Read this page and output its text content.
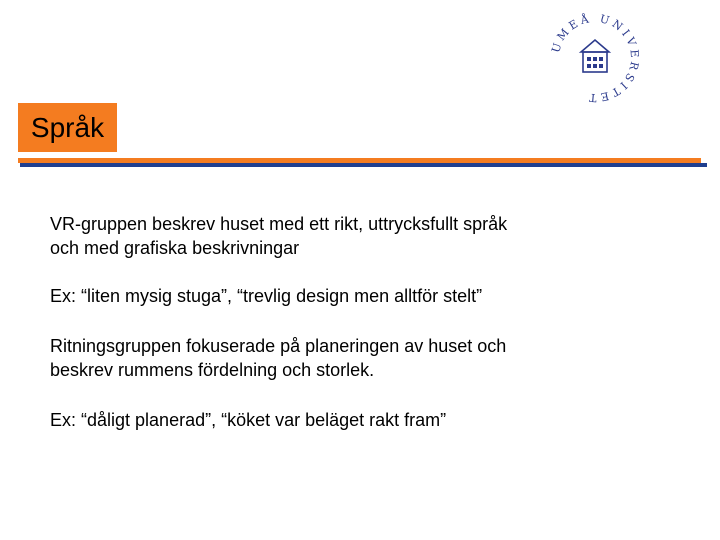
UMEÅ UNIVERSITET
Språk

VR-gruppen beskrev huset med ett rikt, uttrycksfullt språk
och med grafiska beskrivningar

Ex: “liten mysig stuga”, “trevlig design men alltför stelt”

Ritningsgruppen fokuserade på planeringen av huset och
beskrev rummens fördelning och storlek.

Ex: “dåligt planerad”, “köket var beläget rakt fram”
